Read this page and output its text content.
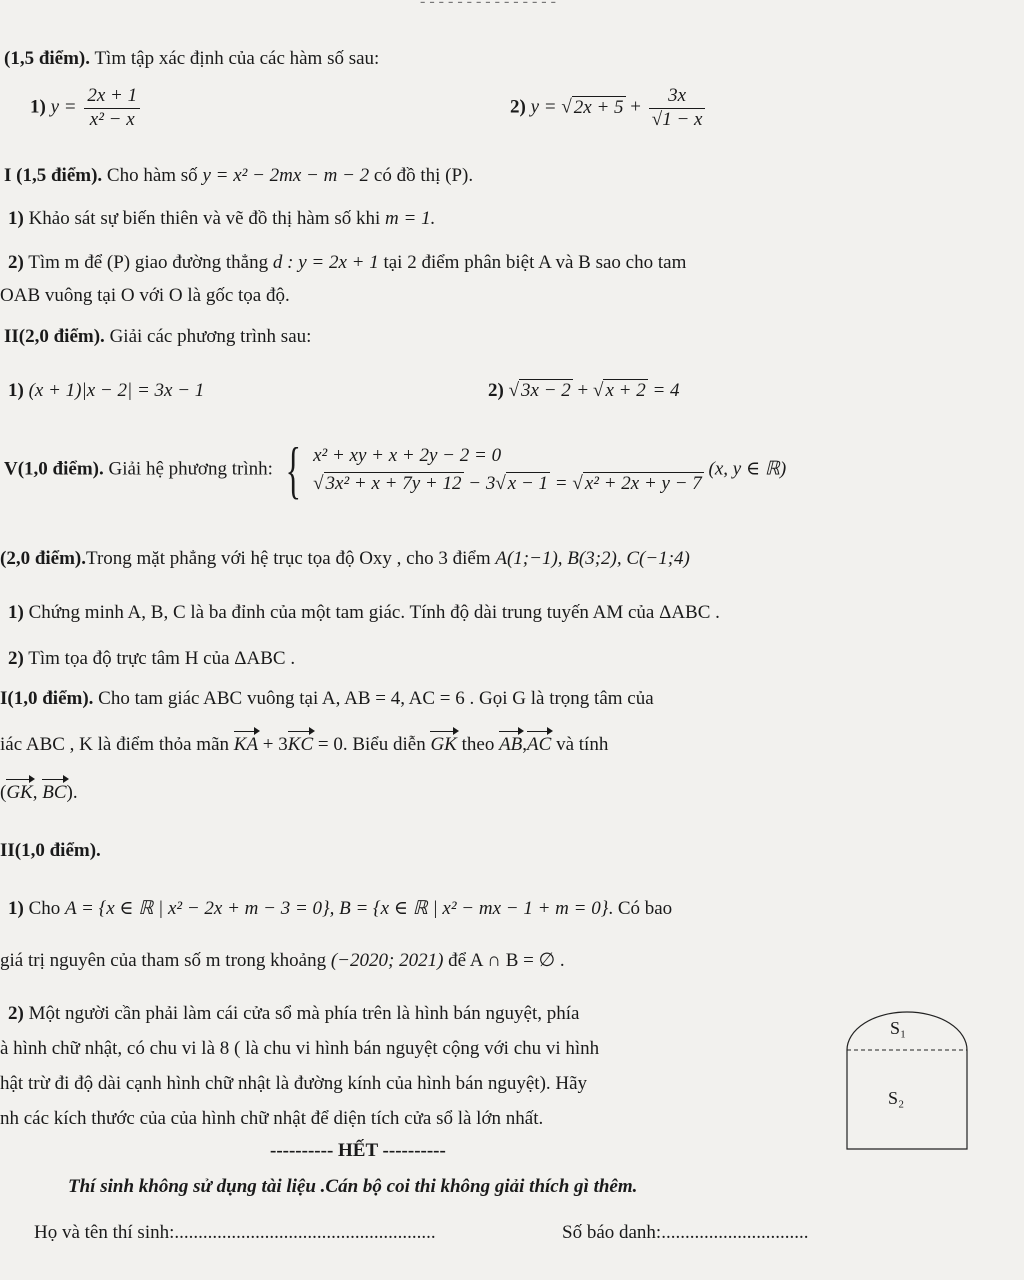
- - - - - - - - - - - - - - -
(1,5 điểm). Tìm tập xác định của các hàm số sau:
1) $y = \frac{2x + 1}{\text{x² − x}}$	2) y = √ $2x + 5 + \frac{3x}{√1 - x}$
I (1,5 điểm). Cho hàm số y = x² − 2mx − m − 2 có đồ thị (P).
1) Khảo sát sự biến thiên và vẽ đồ thị hàm số khi m = 1.
2) Tìm m để (P) giao đường thẳng d : y = 2x + 1 tại 2 điểm phân biệt A và B sao cho tam
OAB vuông tại O với O là gốc tọa độ.
II(2,0 điểm). Giải các phương trình sau:
1) (x + 1)|x − 2| = 3x − 1	2) √ 3x − 2 + √ x + 2 = 4
V(1,0 điểm). Giải hệ phương trình: { x² + xy + x + 2y − 2 = 0
√ 3x² + x + 7y + 12 − 3√ x − 1 = √ x² + 2x + y − 7
(x, y ∈ ℝ)
(2,0 điểm).Trong mặt phẳng với hệ trục tọa độ Oxy , cho 3 điểm A(1;−1), B(3;2), C(−1;4)
1) Chứng minh A, B, C là ba đỉnh của một tam giác. Tính độ dài trung tuyến AM của ΔABC .
2) Tìm tọa độ trực tâm H của ΔABC .
I(1,0 điểm). Cho tam giác ABC vuông tại A, AB = 4, AC = 6 . Gọi G là trọng tâm của
iác ABC , K là điểm thỏa mãn KA + 3KC = 0. Biểu diễn GK theo AB,AC và tính
(GK, BC).
II(1,0 điểm).
1) Cho A = {x ∈ ℝ | x² − 2x + m − 3 = 0}, B = {x ∈ ℝ | x² − mx − 1 + m = 0}. Có bao
giá trị nguyên của tham số m trong khoảng (−2020; 2021) để A ∩ B = ∅ .
2) Một người cần phải làm cái cửa sổ mà phía trên là hình bán nguyệt, phía
à hình chữ nhật, có chu vi là 8 ( là chu vi hình bán nguyệt cộng với chu vi hình
hật trừ đi độ dài cạnh hình chữ nhật là đường kính của hình bán nguyệt). Hãy
nh các kích thước của của hình chữ nhật để diện tích cửa sổ là lớn nhất.
S₁
S₂
---------- HẾT ----------
Thí sinh không sử dụng tài liệu .Cán bộ coi thi không giải thích gì thêm.
Họ và tên thí sinh:.......................................................	Số báo danh:...............................
